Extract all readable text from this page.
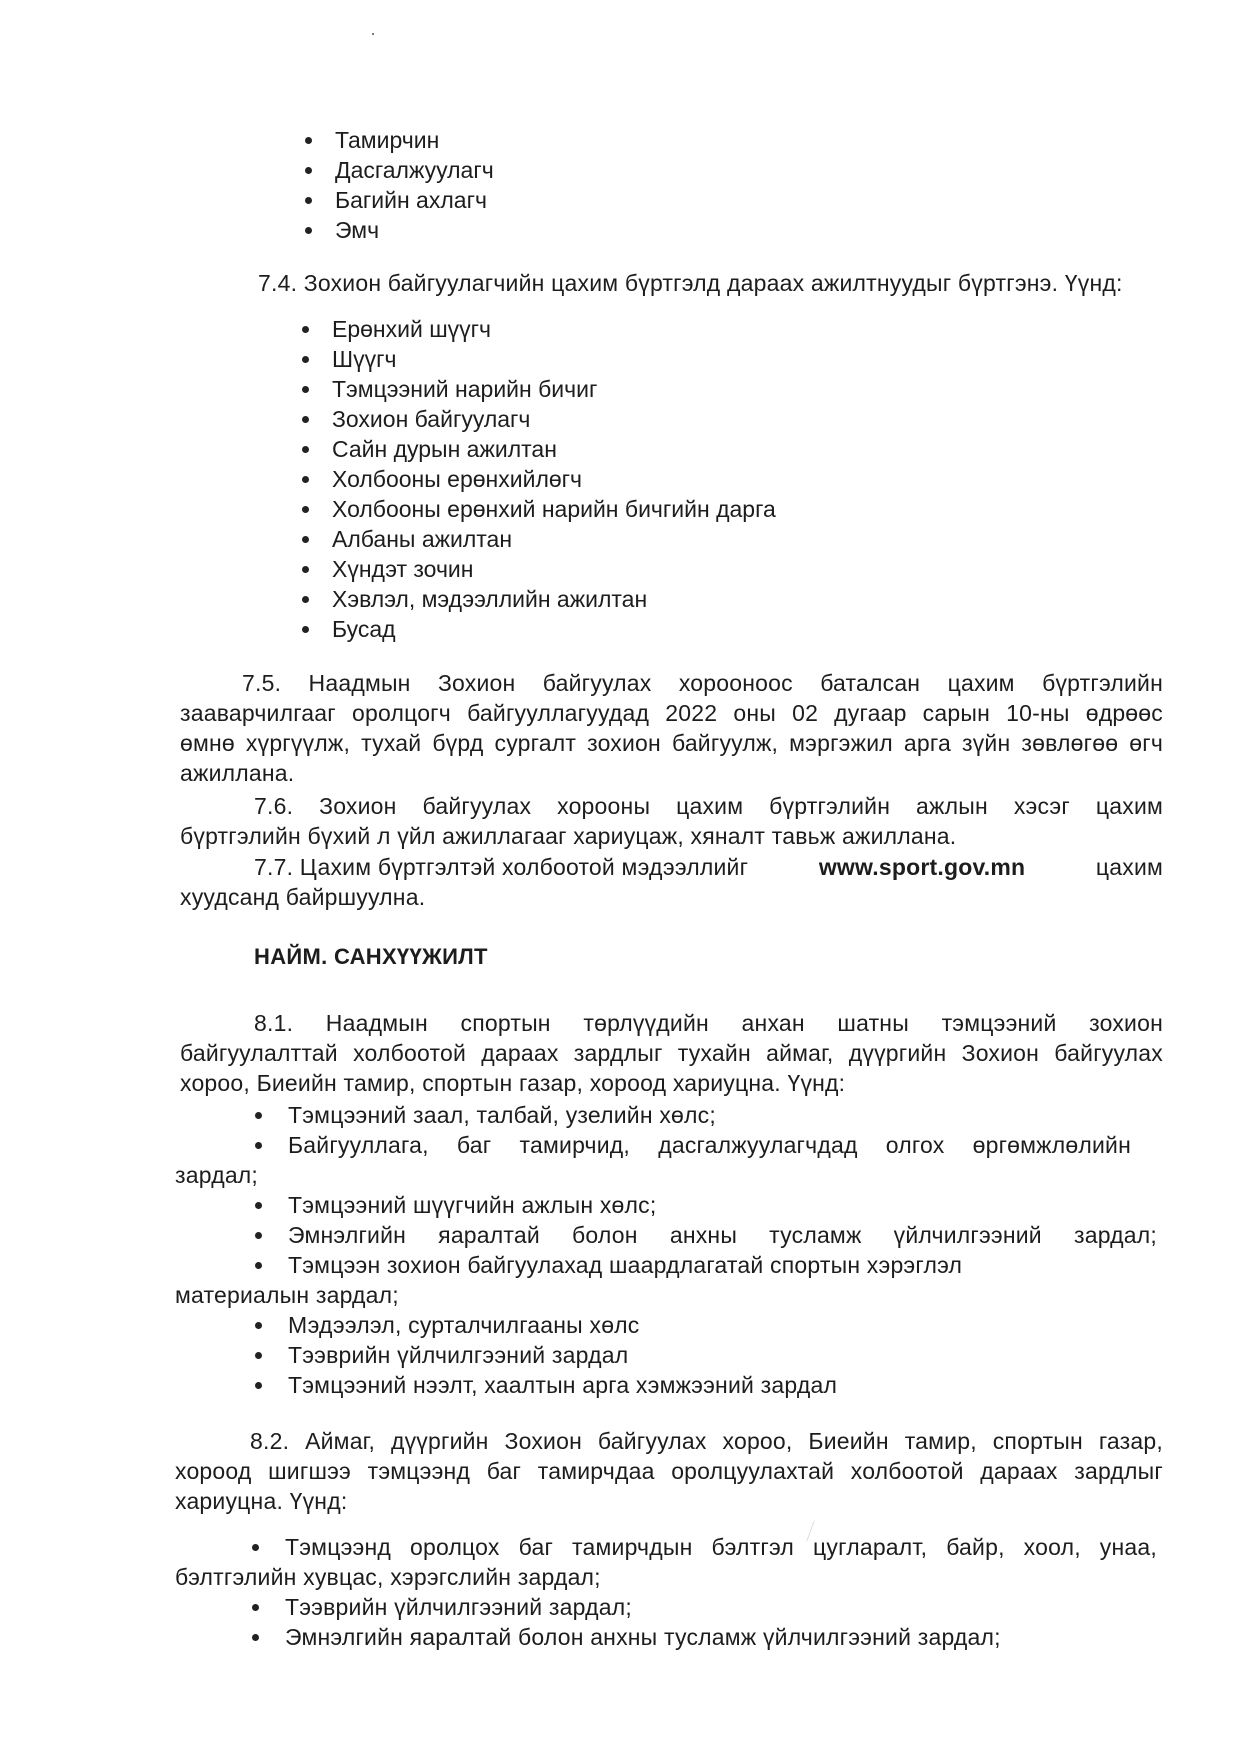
Тамирчин
Дасгалжуулагч
Багийн ахлагч
Эмч
7.4. Зохион байгуулагчийн цахим бүртгэлд дараах ажилтнуудыг бүртгэнэ. Үүнд:
Ерөнхий шүүгч
Шүүгч
Тэмцээний нарийн бичиг
Зохион байгуулагч
Сайн дурын ажилтан
Холбооны ерөнхийлөгч
Холбооны ерөнхий нарийн бичгийн дарга
Албаны ажилтан
Хүндэт зочин
Хэвлэл, мэдээллийн ажилтан
Бусад
7.5. Наадмын Зохион байгуулах хорооноос баталсан цахим бүртгэлийн
зааварчилгааг оролцогч байгууллагуудад 2022 оны 02 дугаар сарын 10-ны өдрөөс
өмнө хүргүүлж, тухай бүрд сургалт зохион байгуулж, мэргэжил арга зүйн зөвлөгөө өгч
ажиллана.
7.6. Зохион байгуулах хорооны цахим бүртгэлийн ажлын хэсэг цахим
бүртгэлийн бүхий л үйл ажиллагааг хариуцаж, хяналт тавьж ажиллана.
7.7. Цахим бүртгэлтэй холбоотой мэдээллийг	www.sport.gov.mn	цахим
хуудсанд байршуулна.
НАЙМ. САНХҮҮЖИЛТ
8.1. Наадмын спортын төрлүүдийн анхан шатны тэмцээний зохион
байгуулалттай холбоотой дараах зардлыг тухайн аймаг, дүүргийн Зохион байгуулах
хороо, Биеийн тамир, спортын газар, хороод хариуцна. Үүнд:
Тэмцээний заал, талбай, узелийн хөлс;
Байгууллага, баг тамирчид, дасгалжуулагчдад олгох өргөмжлөлийн
зардал;
Тэмцээний шүүгчийн ажлын хөлс;
Эмнэлгийн яаралтай болон анхны тусламж үйлчилгээний зардал;
Тэмцээн зохион байгуулахад шаардлагатай спортын хэрэглэл
материалын зардал;
Мэдээлэл, сурталчилгааны хөлс
Тээврийн үйлчилгээний зардал
Тэмцээний нээлт, хаалтын арга хэмжээний зардал
8.2. Аймаг, дүүргийн Зохион байгуулах хороо, Биеийн тамир, спортын газар,
хороод шигшээ тэмцээнд баг тамирчдаа оролцуулахтай холбоотой дараах зардлыг
хариуцна. Үүнд:
Тэмцээнд оролцох баг тамирчдын бэлтгэл цугларалт, байр, хоол, унаа,
бэлтгэлийн хувцас, хэрэгслийн зардал;
Тээврийн үйлчилгээний зардал;
Эмнэлгийн яаралтай болон анхны тусламж үйлчилгээний зардал;
